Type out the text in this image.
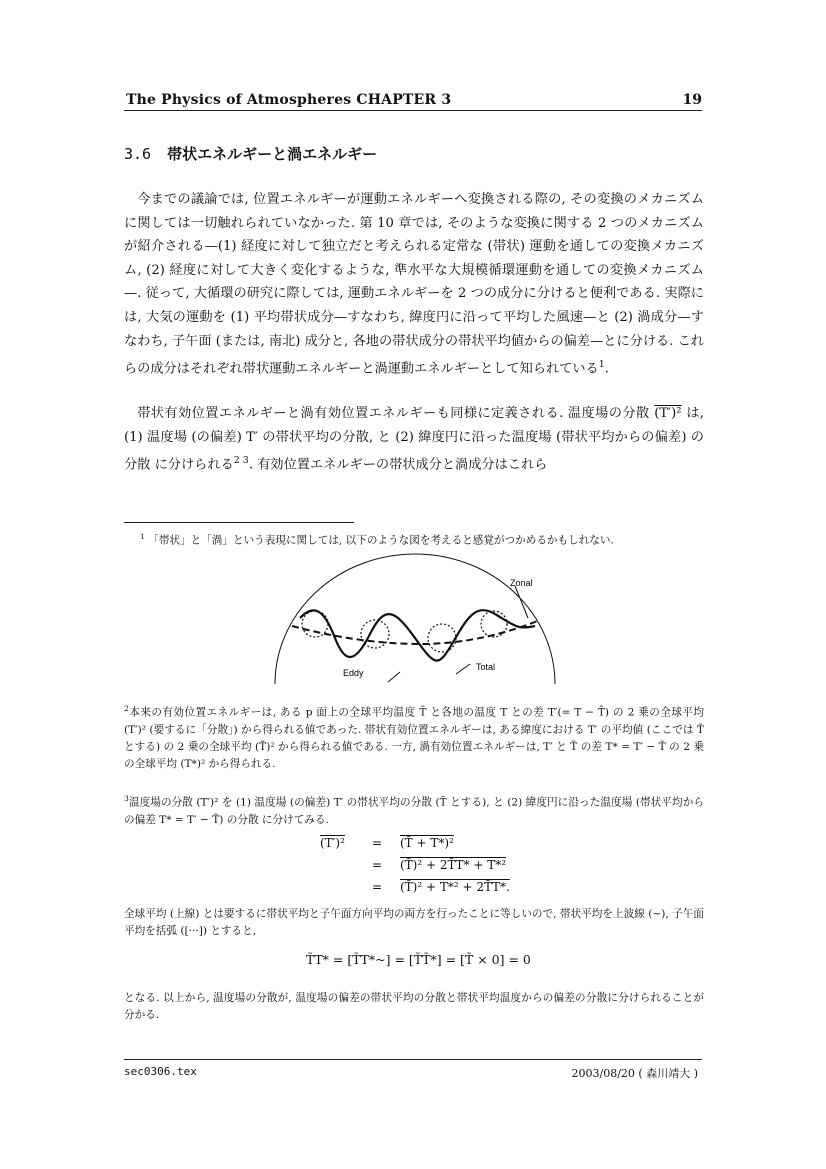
The Physics of Atmospheres CHAPTER 3	19
3.6 帯状エネルギーと渦エネルギー

今までの議論では, 位置エネルギーが運動エネルギーへ変換される際の, その変換のメカニズムに関しては一切触れられていなかった. 第 10 章では, そのような変換に関する 2 つのメカニズムが紹介される—(1) 経度に対して独立だと考えられる定常な (帯状) 運動を通しての変換メカニズム, (2) 経度に対して大きく変化するような, 準水平な大規模循環運動を通しての変換メカニズム—. 従って, 大循環の研究に際しては, 運動エネルギーを 2 つの成分に分けると便利である. 実際には, 大気の運動を (1) 平均帯状成分—すなわち, 緯度円に沿って平均した風速—と (2) 渦成分—すなわち, 子午面 (または, 南北) 成分と, 各地の帯状成分の帯状平均値からの偏差—とに分ける. これらの成分はそれぞれ帯状運動エネルギーと渦運動エネルギーとして知られている$^1$.

帯状有効位置エネルギーと渦有効位置エネルギーも同様に定義される. 温度場の分散 (T′)² は, (1) 温度場 (の偏差) T′ の帯状平均の分散, と (2) 緯度円に沿った温度場 (帯状平均からの偏差) の分散 に分けられる$^{2 3}$. 有効位置エネルギーの帯状成分と渦成分はこれら

$^1$ 「帯状」と「渦」という表現に関しては, 以下のような図を考えると感覚がつかめるかもしれない.
Zonal
Eddy
Total
$^2$本来の有効位置エネルギーは, ある p 面上の全球平均温度 T̄ と各地の温度 T との差 T′(= T − T̄) の 2 乗の全球平均 (T′)² (要するに「分散」) から得られる値であった. 帯状有効位置エネルギーは, ある緯度における T′ の平均値 (ここでは T̃ とする) の 2 乗の全球平均 (T̃)² から得られる値である. 一方, 渦有効位置エネルギーは, T′ と T̃ の差 T* = T′ − T̃ の 2 乗の全球平均 (T*)² から得られる.
$^3$温度場の分散 (T′)² を (1) 温度場 (の偏差) T′ の帯状平均の分散 (T̃ とする), と (2) 緯度円に沿った温度場 (帯状平均からの偏差 T* = T′ − T̃) の分散 に分けてみる.
(T′)² = (T̃ + T*)²
= (T̃)² + 2T̃T* + T*²
= (T̃)² + T*² + 2T̃T*.
全球平均 (上線) とは要するに帯状平均と子午面方向平均の両方を行ったことに等しいので, 帯状平均を上波線 (~), 子午面平均を括弧 ([···]) とすると,
T̃T* = [T̃T*~] = [T̃T̃*] = [T̃ × 0] = 0
となる. 以上から, 温度場の分散が, 温度場の偏差の帯状平均の分散と帯状平均温度からの偏差の分散に分けられることが分かる.
sec0306.tex	2003/08/20 ( 森川靖大 )
